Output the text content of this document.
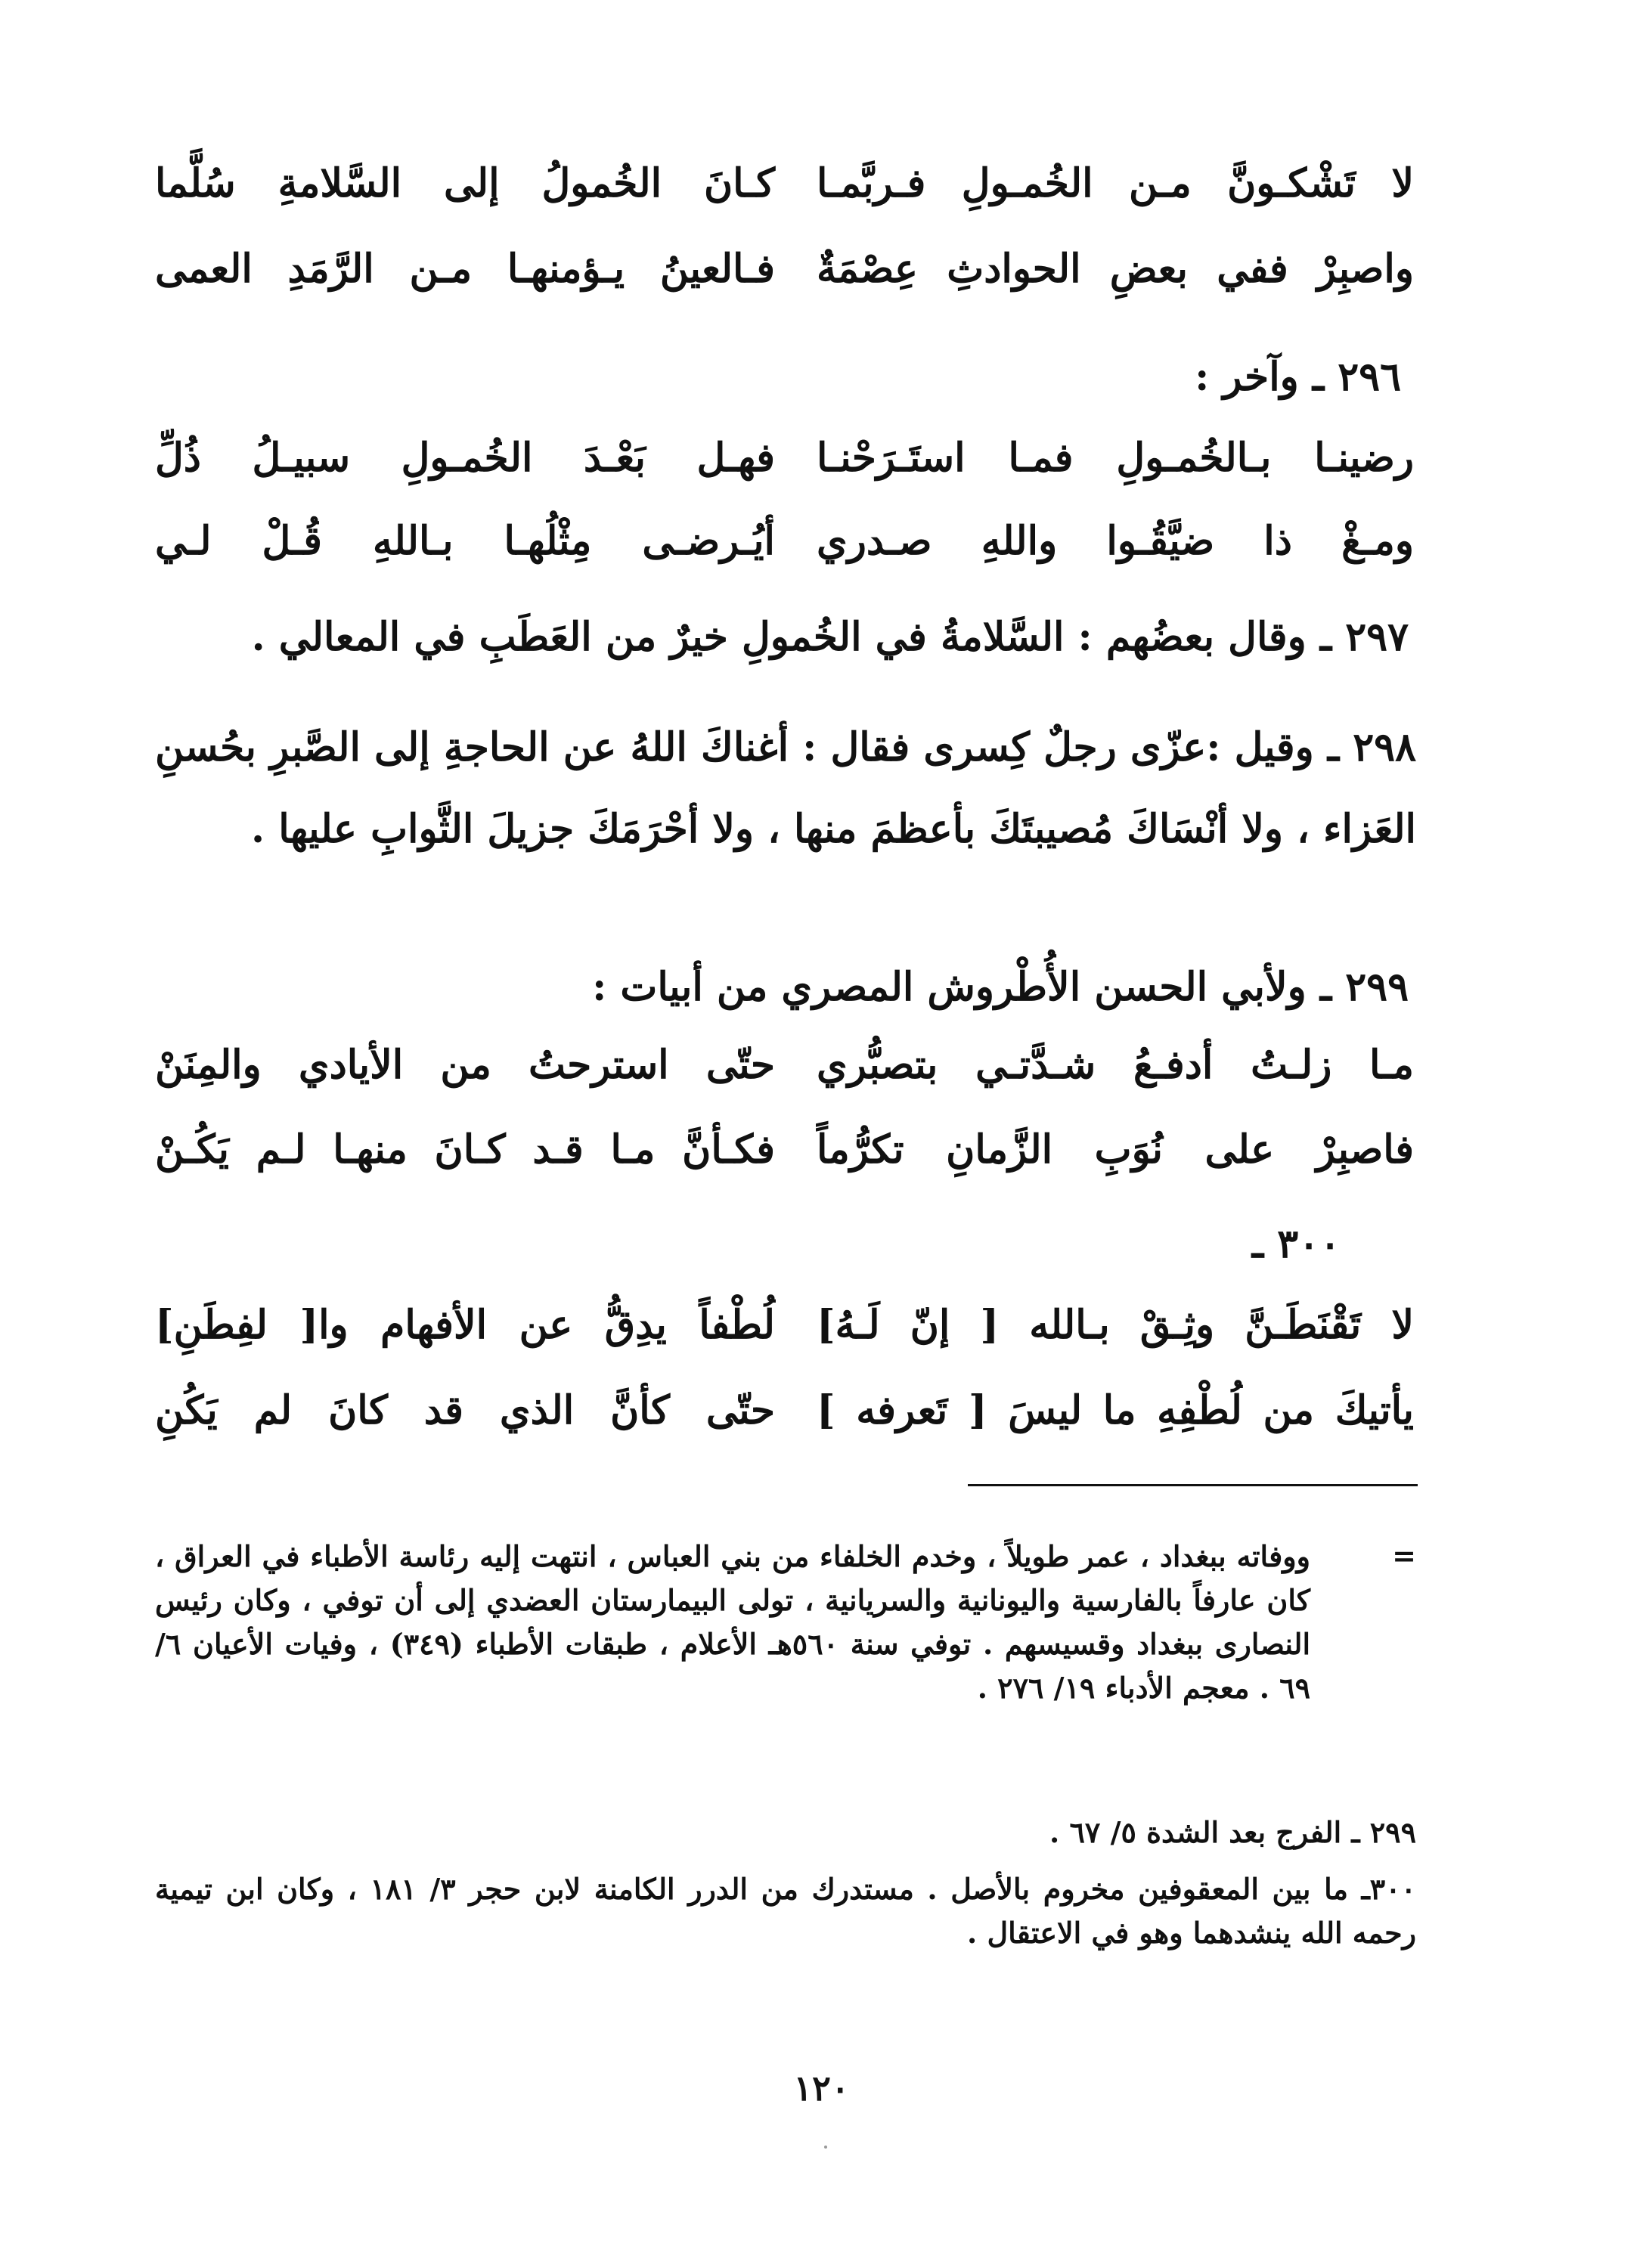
لا تَشْكـونَّ مـن الخُمـولِ فـربَّمـا
كـانَ الخُمولُ إلى السَّلامةِ سُلَّما
واصبِرْ ففي بعضِ الحوادثِ عِصْمَةٌ
فـالعينُ يـؤمنهـا مـن الرَّمَدِ العمى
٢٩٦ ـ وآخر :
رضينـا بـالخُمـولِ فمـا استَـرَحْنـا
فهـل بَعْـدَ الخُمـولِ سبيـلُ ذُلِّ
ومـغْ ذا ضيَّقُـوا واللهِ صـدري
أيُـرضـى مِثْلُهـا بـاللهِ قُـلْ لـي
٢٩٧ ـ وقال بعضُهم : السَّلامةُ في الخُمولِ خيرٌ من العَطَبِ في المعالي .
٢٩٨ ـ وقيل :عزّى رجلٌ كِسرى فقال : أغناكَ اللهُ عن الحاجةِ إلى الصَّبرِ بحُسنِ العَزاء ، ولا أنْسَاكَ مُصيبتَكَ بأعظمَ منها ، ولا أحْرَمَكَ جزيلَ الثَّوابِ عليها .
٢٩٩ ـ ولأبي الحسن الأُطْروش المصري من أبيات :
مـا زلـتُ أدفـعُ شـدَّتـي بتصبُّري
حتّى استرحتُ من الأيادي والمِنَنْ
فاصبِرْ على نُوَبِ الزَّمانِ تكرُّماً
فكـأنَّ مـا قـد كـانَ منهـا لـم يَكُـنْ
٣٠٠ ـ
لا تَقْنَطَـنَّ وثِـقْ بـالله [ إنّ لَـهُ]
لُطْفاً يدِقُّ عن الأفهام وا[ لفِطَنِ]
يأتيكَ من لُطْفِهِ ما ليسَ [ تَعرفه ]
حتّى كأنَّ الذي قد كانَ لم يَكُنِ
=
ووفاته ببغداد ، عمر طويلاً ، وخدم الخلفاء من بني العباس ، انتهت إليه رئاسة الأطباء في العراق ، كان عارفاً بالفارسية واليونانية والسريانية ، تولى البيمارستان العضدي إلى أن توفي ، وكان رئيس النصارى ببغداد وقسيسهم . توفي سنة ٥٦٠هـ الأعلام ، طبقات الأطباء (٣٤٩) ، وفيات الأعيان ٦/ ٦٩ . معجم الأدباء ١٩/ ٢٧٦ .
٢٩٩ ـ الفرج بعد الشدة ٥/ ٦٧ .
٣٠٠ـ ما بين المعقوفين مخروم بالأصل . مستدرك من الدرر الكامنة لابن حجر ٣/ ١٨١ ، وكان ابن تيمية رحمه الله ينشدهما وهو في الاعتقال .
١٢٠
